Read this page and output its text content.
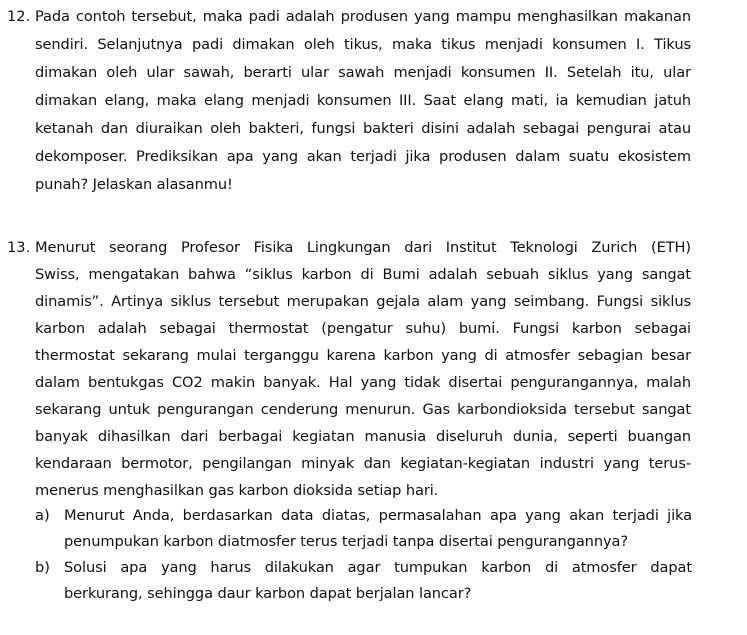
12. Pada contoh tersebut, maka padi adalah produsen yang mampu menghasilkan makanan
sendiri. Selanjutnya padi dimakan oleh tikus, maka tikus menjadi konsumen I. Tikus
dimakan oleh ular sawah, berarti ular sawah menjadi konsumen II. Setelah itu, ular
dimakan elang, maka elang menjadi konsumen III. Saat elang mati, ia kemudian jatuh
ketanah dan diuraikan oleh bakteri, fungsi bakteri disini adalah sebagai pengurai atau
dekomposer. Prediksikan apa yang akan terjadi jika produsen dalam suatu ekosistem
punah? Jelaskan alasanmu!
13. Menurut seorang Profesor Fisika Lingkungan dari Institut Teknologi Zurich (ETH)
Swiss, mengatakan bahwa “siklus karbon di Bumi adalah sebuah siklus yang sangat
dinamis”. Artinya siklus tersebut merupakan gejala alam yang seimbang. Fungsi siklus
karbon adalah sebagai thermostat (pengatur suhu) bumi. Fungsi karbon sebagai
thermostat sekarang mulai terganggu karena karbon yang di atmosfer sebagian besar
dalam bentukgas CO2 makin banyak. Hal yang tidak disertai pengurangannya, malah
sekarang untuk pengurangan cenderung menurun. Gas karbondioksida tersebut sangat
banyak dihasilkan dari berbagai kegiatan manusia diseluruh dunia, seperti buangan
kendaraan bermotor, pengilangan minyak dan kegiatan-kegiatan industri yang terus-
menerus menghasilkan gas karbon dioksida setiap hari.
a) Menurut Anda, berdasarkan data diatas, permasalahan apa yang akan terjadi jika
penumpukan karbon diatmosfer terus terjadi tanpa disertai pengurangannya?
b) Solusi apa yang harus dilakukan agar tumpukan karbon di atmosfer dapat
berkurang, sehingga daur karbon dapat berjalan lancar?
